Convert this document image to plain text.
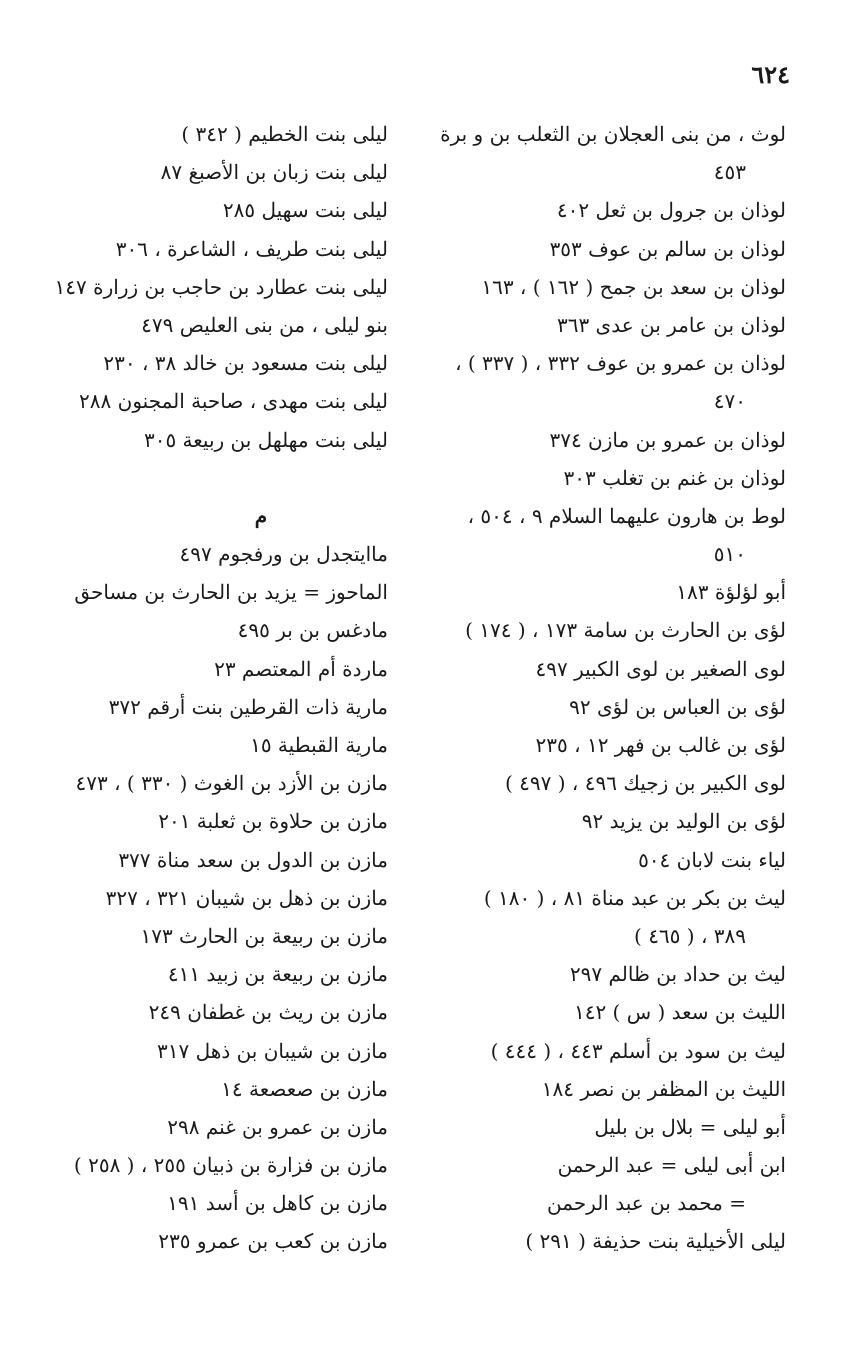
٦٢٤
لوث ، من بنى العجلان بن الثعلب بن و برة
٤٥٣
لوذان بن جرول بن ثعل ٤٠٢
لوذان بن سالم بن عوف ٣٥٣
لوذان بن سعد بن جمح ( ١٦٢ ) ، ١٦٣
لوذان بن عامر بن عدى ٣٦٣
لوذان بن عمرو بن عوف ٣٣٢ ، ( ٣٣٧ ) ،
٤٧٠
لوذان بن عمرو بن مازن ٣٧٤
لوذان بن غنم بن تغلب ٣٠٣
لوط بن هارون عليهما السلام ٩ ، ٥٠٤ ،
٥١٠
أبو لؤلؤة ١٨٣
لؤى بن الحارث بن سامة ١٧٣ ، ( ١٧٤ )
لوى الصغير بن لوى الكبير ٤٩٧
لؤى بن العباس بن لؤى ٩٢
لؤى بن غالب بن فهر ١٢ ، ٢٣٥
لوى الكبير بن زجيك ٤٩٦ ، ( ٤٩٧ )
لؤى بن الوليد بن يزيد ٩٢
لياء بنت لابان ٥٠٤
ليث بن بكر بن عبد مناة ٨١ ، ( ١٨٠ )
٣٨٩ ، ( ٤٦٥ )
ليث بن حداد بن ظالم ٢٩٧
الليث بن سعد ( س ) ١٤٢
ليث بن سود بن أسلم ٤٤٣ ، ( ٤٤٤ )
الليث بن المظفر بن نصر ١٨٤
أبو ليلى = بلال بن بليل
ابن أبى ليلى = عبد الرحمن
= محمد بن عبد الرحمن
ليلى الأخيلية بنت حذيفة ( ٢٩١ )
ليلى بنت الخطيم ( ٣٤٢ )
ليلى بنت زبان بن الأصبغ ٨٧
ليلى بنت سهيل ٢٨٥
ليلى بنت طريف ، الشاعرة ، ٣٠٦
ليلى بنت عطارد بن حاجب بن زرارة ١٤٧
بنو ليلى ، من بنى العليص ٤٧٩
ليلى بنت مسعود بن خالد ٣٨ ، ٢٣٠
ليلى بنت مهدى ، صاحبة المجنون ٢٨٨
ليلى بنت مهلهل بن ربيعة ٣٠٥
م
ماايتجدل بن ورفجوم ٤٩٧
الماحوز = يزيد بن الحارث بن مساحق
مادغس بن بر ٤٩٥
ماردة أم المعتصم ٢٣
مارية ذات القرطين بنت أرقم ٣٧٢
مارية القبطية ١٥
مازن بن الأزد بن الغوث ( ٣٣٠ ) ، ٤٧٣
مازن بن حلاوة بن ثعلبة ٢٠١
مازن بن الدول بن سعد مناة ٣٧٧
مازن بن ذهل بن شيبان ٣٢١ ، ٣٢٧
مازن بن ربيعة بن الحارث ١٧٣
مازن بن ربيعة بن زبيد ٤١١
مازن بن ريث بن غطفان ٢٤٩
مازن بن شيبان بن ذهل ٣١٧
مازن بن صعصعة ١٤
مازن بن عمرو بن غنم ٢٩٨
مازن بن فزارة بن ذبيان ٢٥٥ ، ( ٢٥٨ )
مازن بن كاهل بن أسد ١٩١
مازن بن كعب بن عمرو ٢٣٥
